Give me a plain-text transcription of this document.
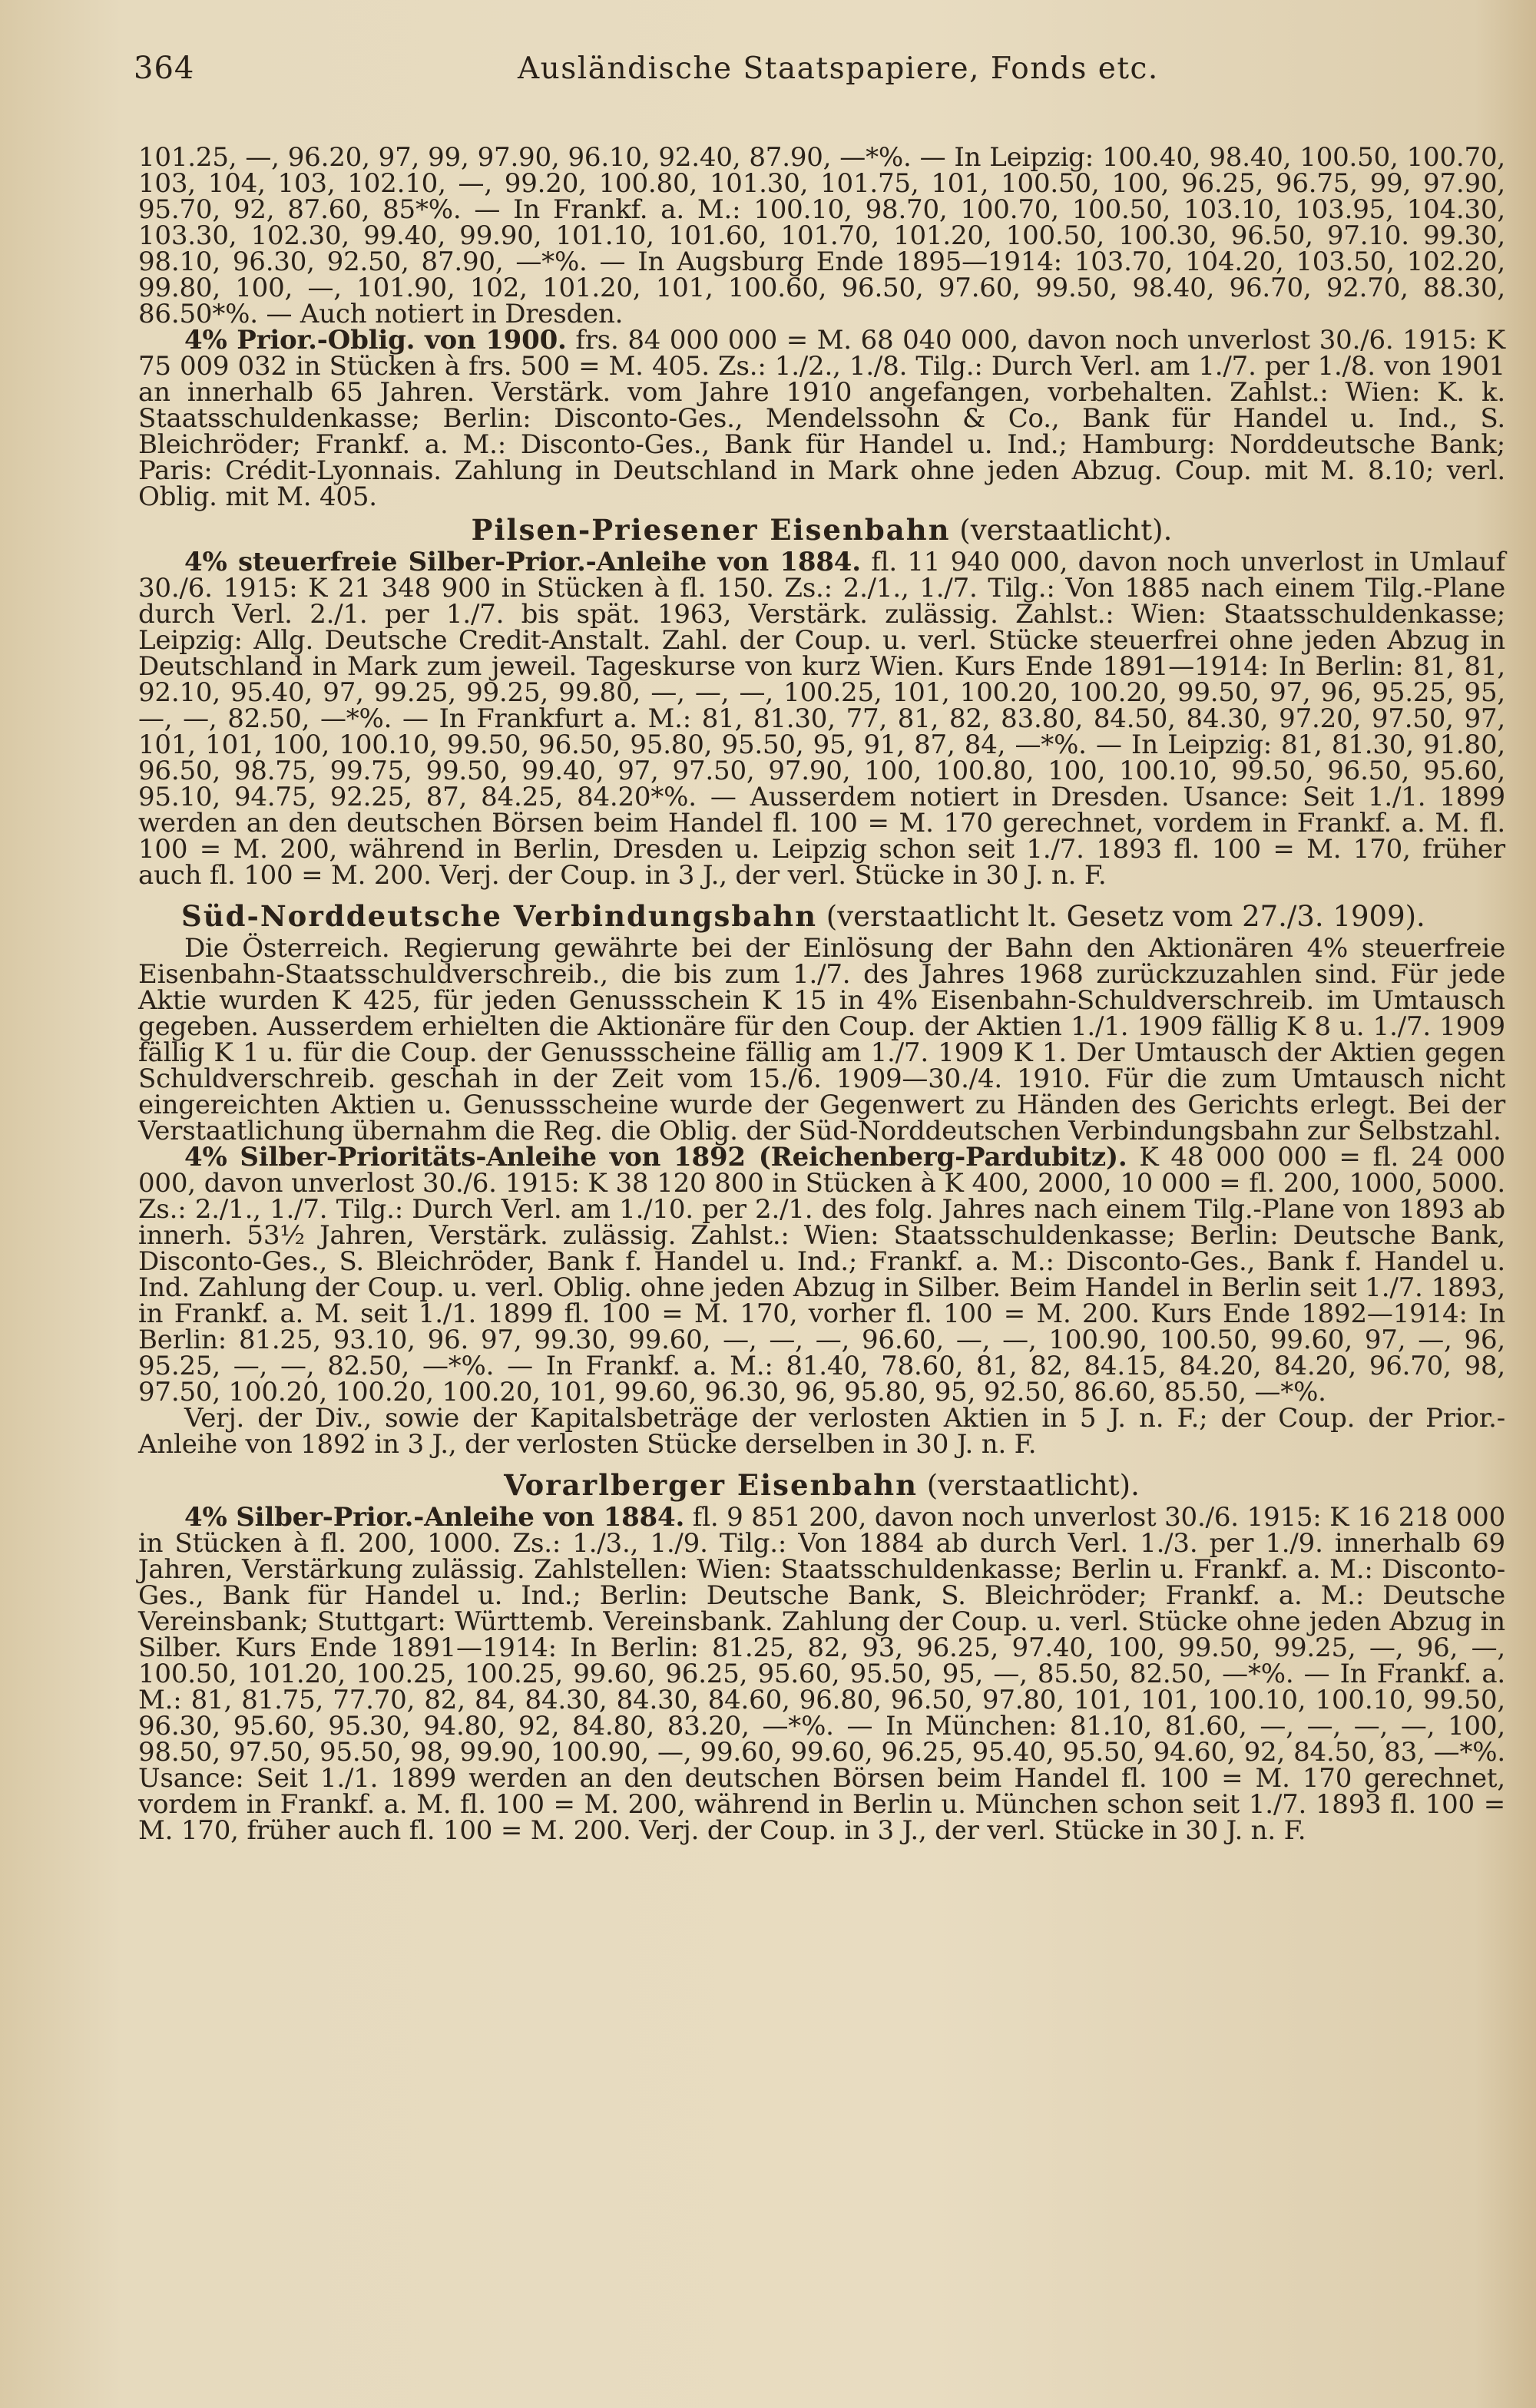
364	Ausländische Staatspapiere, Fonds etc.

101.25, —, 96.20, 97, 99, 97.90, 96.10, 92.40, 87.90, —*%. — In Leipzig: 100.40, 98.40, 100.50, 100.70, 103, 104, 103, 102.10, —, 99.20, 100.80, 101.30, 101.75, 101, 100.50, 100, 96.25, 96.75, 99, 97.90, 95.70, 92, 87.60, 85*%. — In Frankf. a. M.: 100.10, 98.70, 100.70, 100.50, 103.10, 103.95, 104.30, 103.30, 102.30, 99.40, 99.90, 101.10, 101.60, 101.70, 101.20, 100.50, 100.30, 96.50, 97.10. 99.30, 98.10, 96.30, 92.50, 87.90, —*%. — In Augsburg Ende 1895—1914: 103.70, 104.20, 103.50, 102.20, 99.80, 100, —, 101.90, 102, 101.20, 101, 100.60, 96.50, 97.60, 99.50, 98.40, 96.70, 92.70, 88.30, 86.50*%. — Auch notiert in Dresden.

4% Prior.-Oblig. von 1900. frs. 84 000 000 = M. 68 040 000, davon noch unverlost 30./6. 1915: K 75 009 032 in Stücken à frs. 500 = M. 405. Zs.: 1./2., 1./8. Tilg.: Durch Verl. am 1./7. per 1./8. von 1901 an innerhalb 65 Jahren. Verstärk. vom Jahre 1910 angefangen, vorbehalten. Zahlst.: Wien: K. k. Staatsschuldenkasse; Berlin: Disconto-Ges., Mendelssohn & Co., Bank für Handel u. Ind., S. Bleichröder; Frankf. a. M.: Disconto-Ges., Bank für Handel u. Ind.; Hamburg: Norddeutsche Bank; Paris: Crédit-Lyonnais. Zahlung in Deutschland in Mark ohne jeden Abzug. Coup. mit M. 8.10; verl. Oblig. mit M. 405.

Pilsen-Priesener Eisenbahn (verstaatlicht).

4% steuerfreie Silber-Prior.-Anleihe von 1884. fl. 11 940 000, davon noch unverlost in Umlauf 30./6. 1915: K 21 348 900 in Stücken à fl. 150. Zs.: 2./1., 1./7. Tilg.: Von 1885 nach einem Tilg.-Plane durch Verl. 2./1. per 1./7. bis spät. 1963, Verstärk. zulässig. Zahlst.: Wien: Staatsschuldenkasse; Leipzig: Allg. Deutsche Credit-Anstalt. Zahl. der Coup. u. verl. Stücke steuerfrei ohne jeden Abzug in Deutschland in Mark zum jeweil. Tageskurse von kurz Wien. Kurs Ende 1891—1914: In Berlin: 81, 81, 92.10, 95.40, 97, 99.25, 99.25, 99.80, —, —, —, 100.25, 101, 100.20, 100.20, 99.50, 97, 96, 95.25, 95, —, —, 82.50, —*%. — In Frankfurt a. M.: 81, 81.30, 77, 81, 82, 83.80, 84.50, 84.30, 97.20, 97.50, 97, 101, 101, 100, 100.10, 99.50, 96.50, 95.80, 95.50, 95, 91, 87, 84, —*%. — In Leipzig: 81, 81.30, 91.80, 96.50, 98.75, 99.75, 99.50, 99.40, 97, 97.50, 97.90, 100, 100.80, 100, 100.10, 99.50, 96.50, 95.60, 95.10, 94.75, 92.25, 87, 84.25, 84.20*%. — Ausserdem notiert in Dresden. Usance: Seit 1./1. 1899 werden an den deutschen Börsen beim Handel fl. 100 = M. 170 gerechnet, vordem in Frankf. a. M. fl. 100 = M. 200, während in Berlin, Dresden u. Leipzig schon seit 1./7. 1893 fl. 100 = M. 170, früher auch fl. 100 = M. 200. Verj. der Coup. in 3 J., der verl. Stücke in 30 J. n. F.

Süd-Norddeutsche Verbindungsbahn (verstaatlicht lt. Gesetz vom 27./3. 1909).

Die Österreich. Regierung gewährte bei der Einlösung der Bahn den Aktionären 4% steuerfreie Eisenbahn-Staatsschuldverschreib., die bis zum 1./7. des Jahres 1968 zurückzuzahlen sind. Für jede Aktie wurden K 425, für jeden Genussschein K 15 in 4% Eisenbahn-Schuldverschreib. im Umtausch gegeben. Ausserdem erhielten die Aktionäre für den Coup. der Aktien 1./1. 1909 fällig K 8 u. 1./7. 1909 fällig K 1 u. für die Coup. der Genussscheine fällig am 1./7. 1909 K 1. Der Umtausch der Aktien gegen Schuldverschreib. geschah in der Zeit vom 15./6. 1909—30./4. 1910. Für die zum Umtausch nicht eingereichten Aktien u. Genussscheine wurde der Gegenwert zu Händen des Gerichts erlegt. Bei der Verstaatlichung übernahm die Reg. die Oblig. der Süd-Norddeutschen Verbindungsbahn zur Selbstzahl.

4% Silber-Prioritäts-Anleihe von 1892 (Reichenberg-Pardubitz). K 48 000 000 = fl. 24 000 000, davon unverlost 30./6. 1915: K 38 120 800 in Stücken à K 400, 2000, 10 000 = fl. 200, 1000, 5000. Zs.: 2./1., 1./7. Tilg.: Durch Verl. am 1./10. per 2./1. des folg. Jahres nach einem Tilg.-Plane von 1893 ab innerh. 53½ Jahren, Verstärk. zulässig. Zahlst.: Wien: Staatsschuldenkasse; Berlin: Deutsche Bank, Disconto-Ges., S. Bleichröder, Bank f. Handel u. Ind.; Frankf. a. M.: Disconto-Ges., Bank f. Handel u. Ind. Zahlung der Coup. u. verl. Oblig. ohne jeden Abzug in Silber. Beim Handel in Berlin seit 1./7. 1893, in Frankf. a. M. seit 1./1. 1899 fl. 100 = M. 170, vorher fl. 100 = M. 200. Kurs Ende 1892—1914: In Berlin: 81.25, 93.10, 96. 97, 99.30, 99.60, —, —, —, 96.60, —, —, 100.90, 100.50, 99.60, 97, —, 96, 95.25, —, —, 82.50, —*%. — In Frankf. a. M.: 81.40, 78.60, 81, 82, 84.15, 84.20, 84.20, 96.70, 98, 97.50, 100.20, 100.20, 100.20, 101, 99.60, 96.30, 96, 95.80, 95, 92.50, 86.60, 85.50, —*%.

Verj. der Div., sowie der Kapitalsbeträge der verlosten Aktien in 5 J. n. F.; der Coup. der Prior.-Anleihe von 1892 in 3 J., der verlosten Stücke derselben in 30 J. n. F.

Vorarlberger Eisenbahn (verstaatlicht).

4% Silber-Prior.-Anleihe von 1884. fl. 9 851 200, davon noch unverlost 30./6. 1915: K 16 218 000 in Stücken à fl. 200, 1000. Zs.: 1./3., 1./9. Tilg.: Von 1884 ab durch Verl. 1./3. per 1./9. innerhalb 69 Jahren, Verstärkung zulässig. Zahlstellen: Wien: Staatsschuldenkasse; Berlin u. Frankf. a. M.: Disconto-Ges., Bank für Handel u. Ind.; Berlin: Deutsche Bank, S. Bleichröder; Frankf. a. M.: Deutsche Vereinsbank; Stuttgart: Württemb. Vereinsbank. Zahlung der Coup. u. verl. Stücke ohne jeden Abzug in Silber. Kurs Ende 1891—1914: In Berlin: 81.25, 82, 93, 96.25, 97.40, 100, 99.50, 99.25, —, 96, —, 100.50, 101.20, 100.25, 100.25, 99.60, 96.25, 95.60, 95.50, 95, —, 85.50, 82.50, —*%. — In Frankf. a. M.: 81, 81.75, 77.70, 82, 84, 84.30, 84.30, 84.60, 96.80, 96.50, 97.80, 101, 101, 100.10, 100.10, 99.50, 96.30, 95.60, 95.30, 94.80, 92, 84.80, 83.20, —*%. — In München: 81.10, 81.60, —, —, —, —, 100, 98.50, 97.50, 95.50, 98, 99.90, 100.90, —, 99.60, 99.60, 96.25, 95.40, 95.50, 94.60, 92, 84.50, 83, —*%. Usance: Seit 1./1. 1899 werden an den deutschen Börsen beim Handel fl. 100 = M. 170 gerechnet, vordem in Frankf. a. M. fl. 100 = M. 200, während in Berlin u. München schon seit 1./7. 1893 fl. 100 = M. 170, früher auch fl. 100 = M. 200. Verj. der Coup. in 3 J., der verl. Stücke in 30 J. n. F.
